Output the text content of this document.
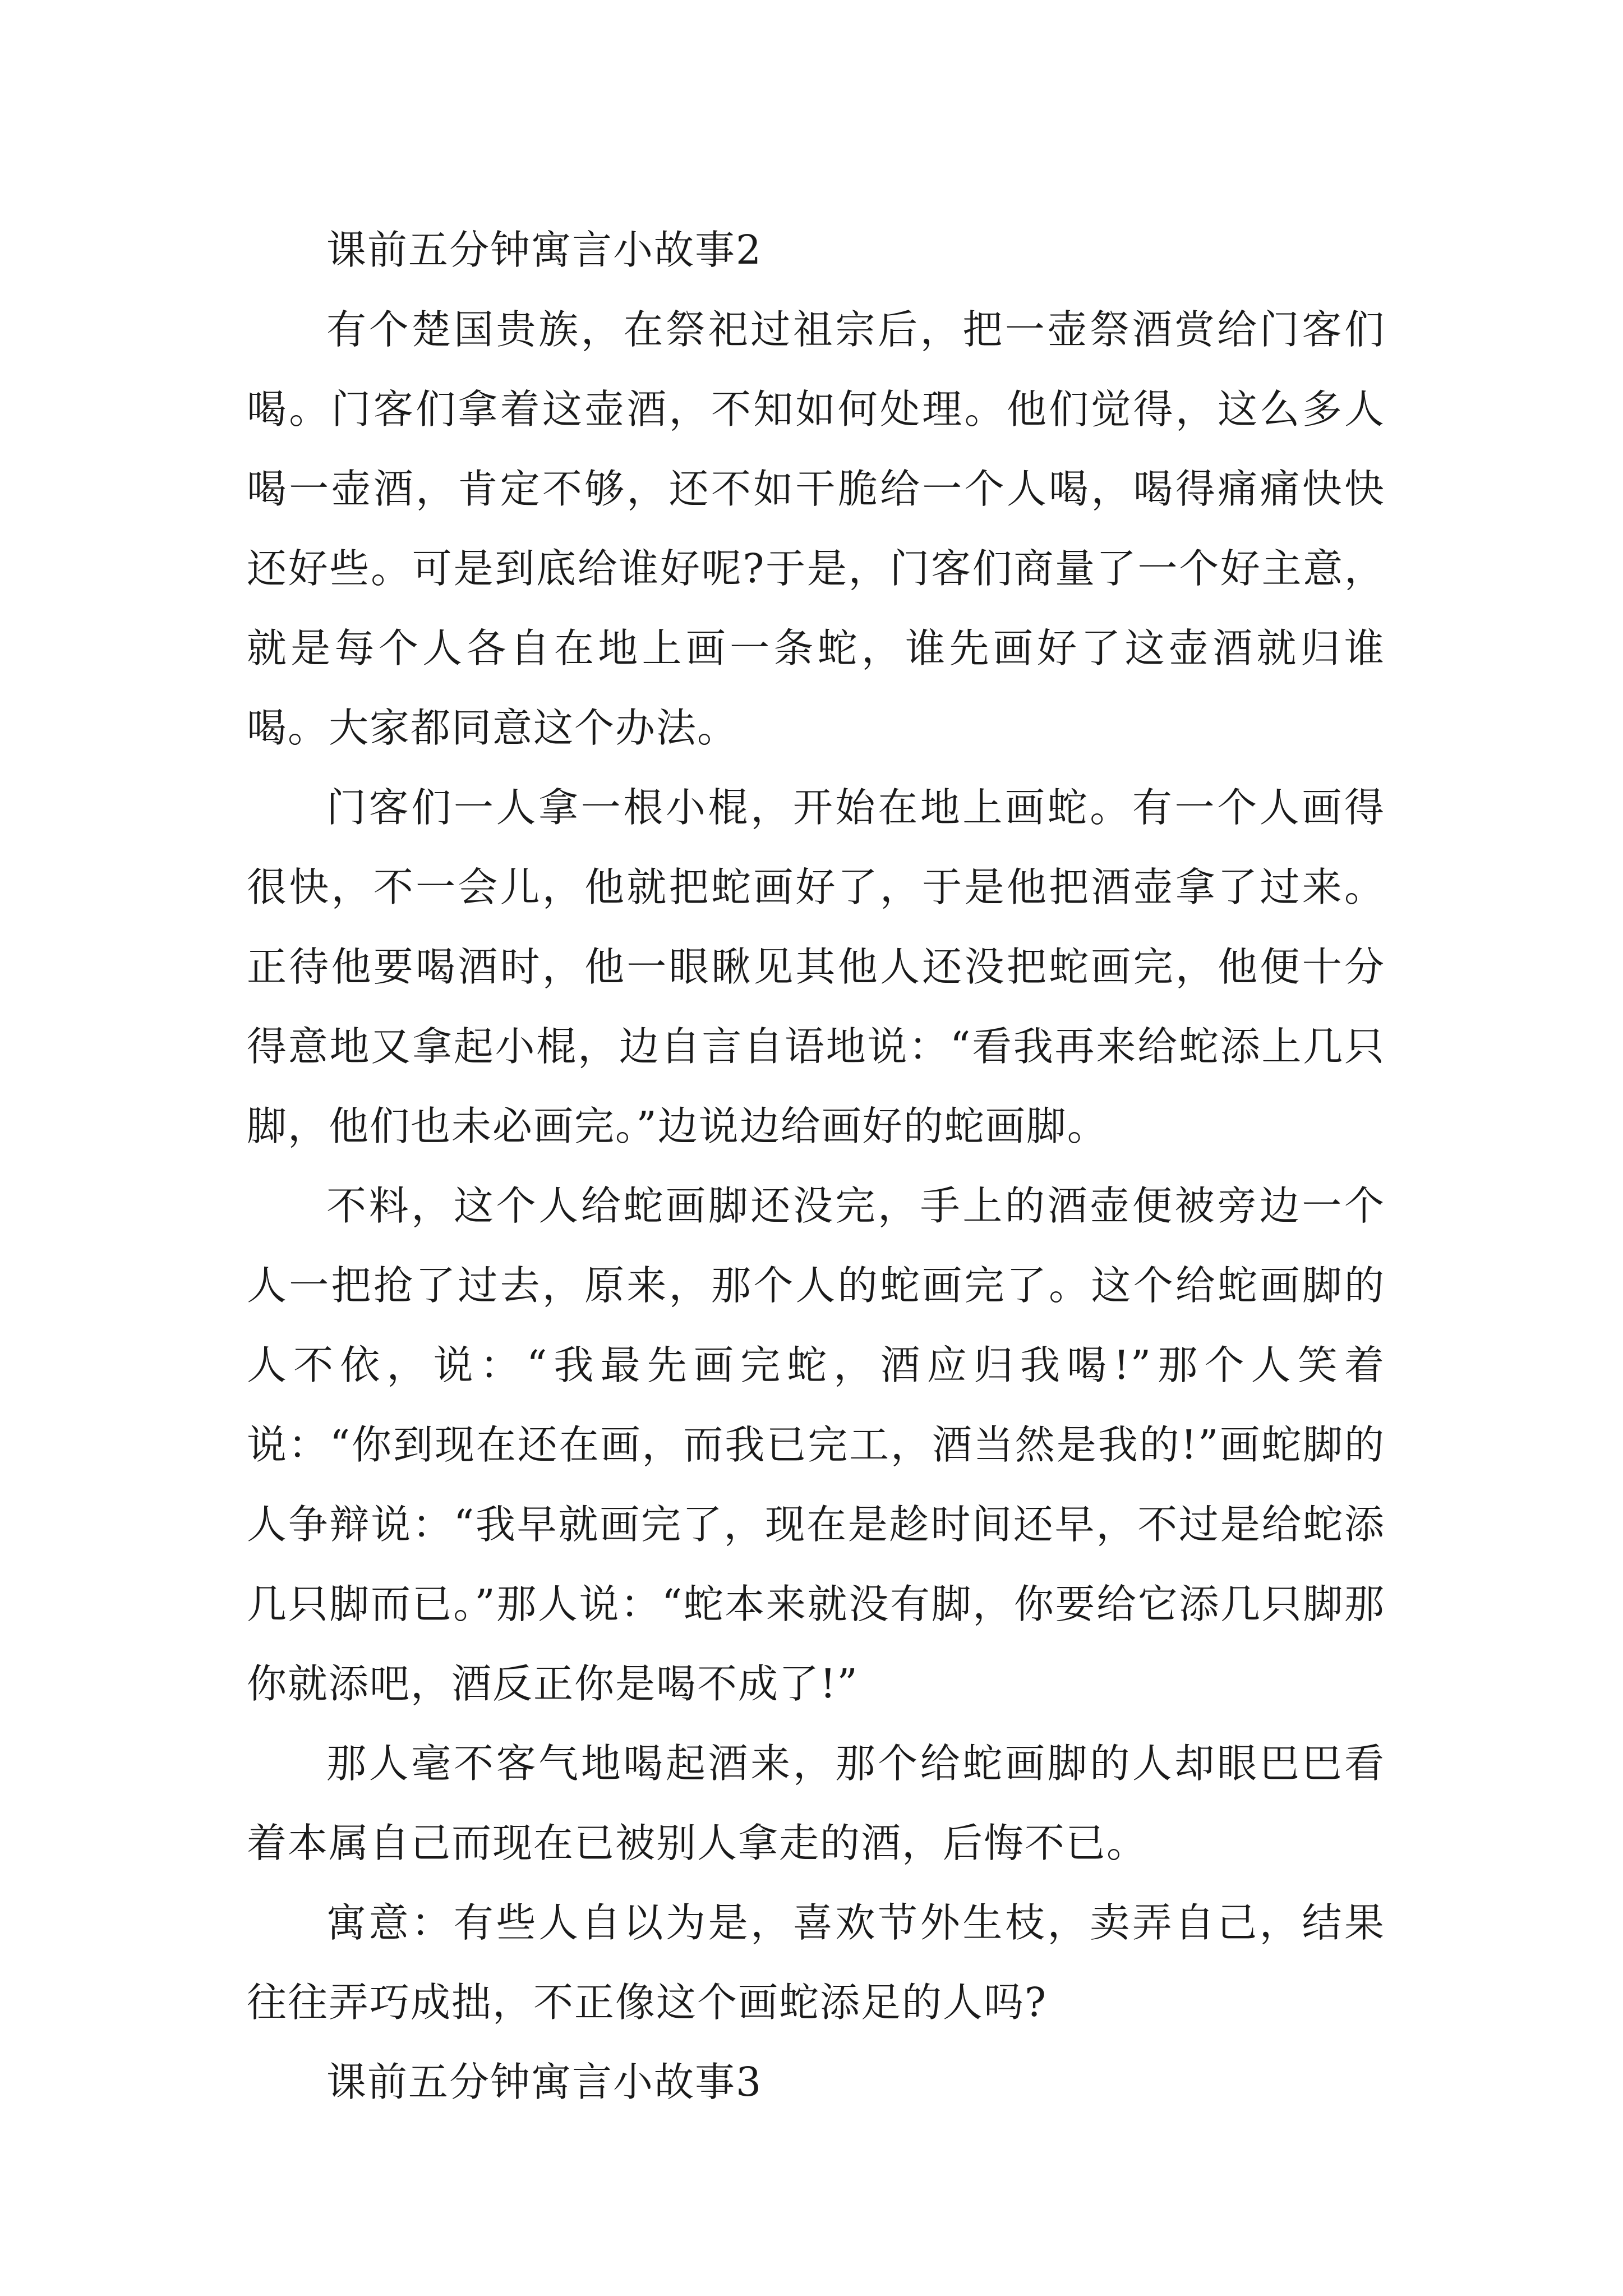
课前五分钟寓言小故事2

有个楚国贵族，在祭祀过祖宗后，把一壶祭酒赏给门客们喝。门客们拿着这壶酒，不知如何处理。他们觉得，这么多人喝一壶酒，肯定不够，还不如干脆给一个人喝，喝得痛痛快快还好些。可是到底给谁好呢?于是，门客们商量了一个好主意，就是每个人各自在地上画一条蛇，谁先画好了这壶酒就归谁喝。大家都同意这个办法。

门客们一人拿一根小棍，开始在地上画蛇。有一个人画得很快，不一会儿，他就把蛇画好了，于是他把酒壶拿了过来。正待他要喝酒时，他一眼瞅见其他人还没把蛇画完，他便十分得意地又拿起小棍，边自言自语地说：“看我再来给蛇添上几只脚，他们也未必画完。”边说边给画好的蛇画脚。

不料，这个人给蛇画脚还没完，手上的酒壶便被旁边一个人一把抢了过去，原来，那个人的蛇画完了。这个给蛇画脚的人不依，说：“我最先画完蛇，酒应归我喝!”那个人笑着说：“你到现在还在画，而我已完工，酒当然是我的!”画蛇脚的人争辩说：“我早就画完了，现在是趁时间还早，不过是给蛇添几只脚而已。”那人说：“蛇本来就没有脚，你要给它添几只脚那你就添吧，酒反正你是喝不成了!”

那人毫不客气地喝起酒来，那个给蛇画脚的人却眼巴巴看着本属自己而现在已被别人拿走的酒，后悔不已。

寓意：有些人自以为是，喜欢节外生枝，卖弄自己，结果往往弄巧成拙，不正像这个画蛇添足的人吗?

课前五分钟寓言小故事3
